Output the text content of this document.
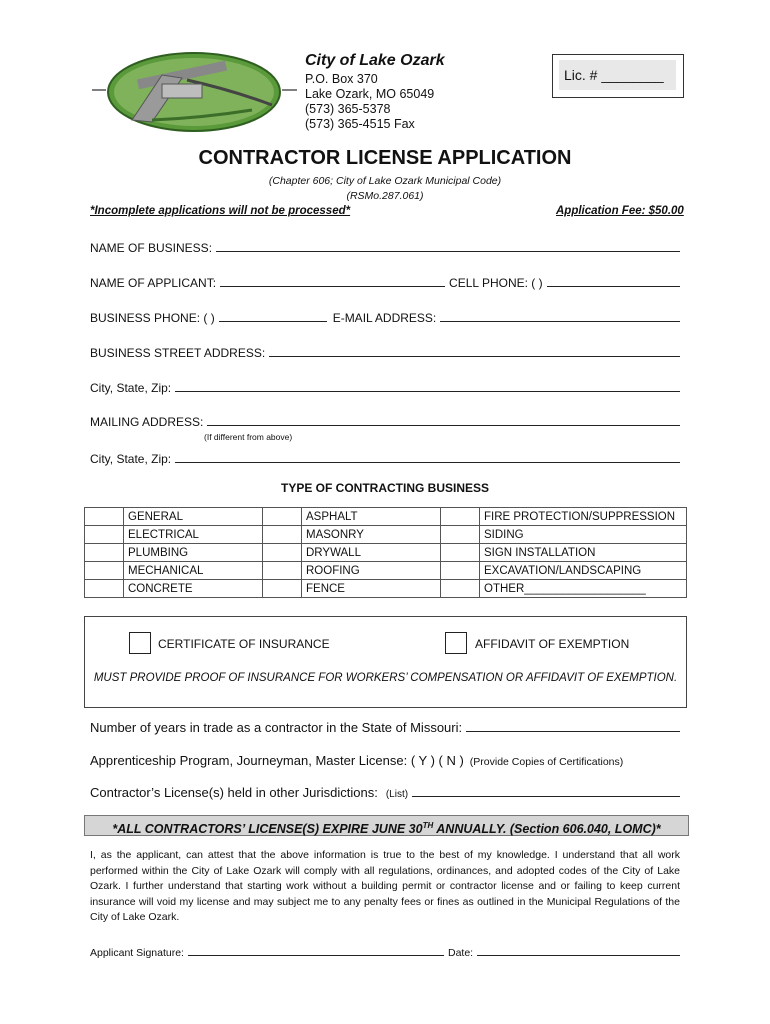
City of Lake Ozark
P.O. Box 370
Lake Ozark, MO 65049
(573) 365-5378
(573) 365-4515 Fax
Lic. # ________
CONTRACTOR LICENSE APPLICATION
(Chapter 606; City of Lake Ozark Municipal Code)
(RSMo.287.061)
*Incomplete applications will not be processed*	Application Fee: $50.00
NAME OF BUSINESS:
NAME OF APPLICANT:	CELL PHONE: ( )
BUSINESS PHONE: ( )	E-MAIL ADDRESS:
BUSINESS STREET ADDRESS:
City, State, Zip:
MAILING ADDRESS:
(If different from above)
City, State, Zip:
TYPE OF CONTRACTING BUSINESS
	GENERAL		ASPHALT		FIRE PROTECTION/SUPPRESSION
	ELECTRICAL		MASONRY		SIDING
	PLUMBING		DRYWALL		SIGN INSTALLATION
	MECHANICAL		ROOFING		EXCAVATION/LANDSCAPING
	CONCRETE		FENCE		OTHER___________________
CERTIFICATE OF INSURANCE	AFFIDAVIT OF EXEMPTION
MUST PROVIDE PROOF OF INSURANCE FOR WORKERS’ COMPENSATION OR AFFIDAVIT OF EXEMPTION.
Number of years in trade as a contractor in the State of Missouri:
Apprenticeship Program, Journeyman, Master License: ( Y ) ( N ) (Provide Copies of Certifications)
Contractor’s License(s) held in other Jurisdictions: (List)
*ALL CONTRACTORS’ LICENSE(S) EXPIRE JUNE 30TH ANNUALLY. (Section 606.040, LOMC)*
I, as the applicant, can attest that the above information is true to the best of my knowledge. I understand that all work performed within the City of Lake Ozark will comply with all regulations, ordinances, and adopted codes of the City of Lake Ozark. I further understand that starting work without a building permit or contractor license and or failing to keep current insurance will void my license and may subject me to any penalty fees or fines as outlined in the Municipal Regulations of the City of Lake Ozark.
Applicant Signature:	Date:
